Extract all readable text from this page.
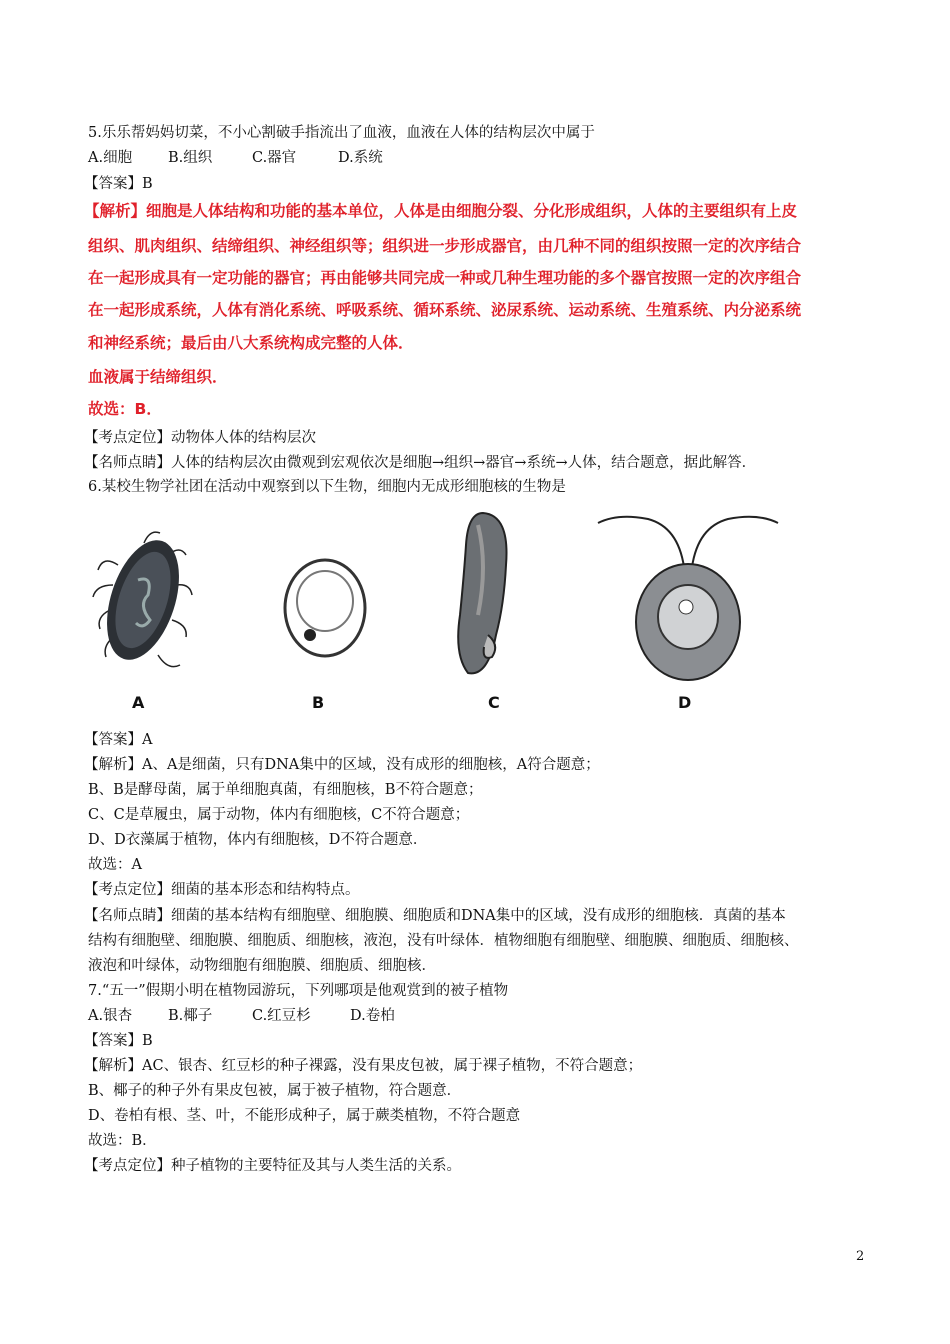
5.乐乐帮妈妈切菜，不小心割破手指流出了血液，血液在人体的结构层次中属于
A.细胞 B.组织	C.器官	D.系统
【答案】B
【解析】细胞是人体结构和功能的基本单位，人体是由细胞分裂、分化形成组织，人体的主要组织有上皮
组织、肌肉组织、结缔组织、神经组织等；组织进一步形成器官，由几种不同的组织按照一定的次序结合
在一起形成具有一定功能的器官；再由能够共同完成一种或几种生理功能的多个器官按照一定的次序组合
在一起形成系统，人体有消化系统、呼吸系统、循环系统、泌尿系统、运动系统、生殖系统、内分泌系统
和神经系统；最后由八大系统构成完整的人体．
血液属于结缔组织．
故选：B．
【考点定位】动物体人体的结构层次
【名师点睛】人体的结构层次由微观到宏观依次是细胞→组织→器官→系统→人体，结合题意，据此解答．
6.某校生物学社团在活动中观察到以下生物，细胞内无成形细胞核的生物是
A	B	C	D
【答案】A
【解析】A、A是细菌，只有DNA集中的区域，没有成形的细胞核，A符合题意；
B、B是酵母菌，属于单细胞真菌，有细胞核，B不符合题意；
C、C是草履虫，属于动物，体内有细胞核，C不符合题意；
D、D衣藻属于植物，体内有细胞核，D不符合题意．
故选：A
【考点定位】细菌的基本形态和结构特点。
【名师点睛】细菌的基本结构有细胞壁、细胞膜、细胞质和DNA集中的区域，没有成形的细胞核．真菌的基本
结构有细胞壁、细胞膜、细胞质、细胞核，液泡，没有叶绿体．植物细胞有细胞壁、细胞膜、细胞质、细胞核、
液泡和叶绿体，动物细胞有细胞膜、细胞质、细胞核．
7.“五一”假期小明在植物园游玩，下列哪项是他观赏到的被子植物
A.银杏 B.椰子	C.红豆杉	D.卷柏
【答案】B
【解析】AC、银杏、红豆杉的种子裸露，没有果皮包被，属于裸子植物，不符合题意；
B、椰子的种子外有果皮包被，属于被子植物，符合题意．
D、卷柏有根、茎、叶，不能形成种子，属于蕨类植物，不符合题意
故选：B．
【考点定位】种子植物的主要特征及其与人类生活的关系。
2
